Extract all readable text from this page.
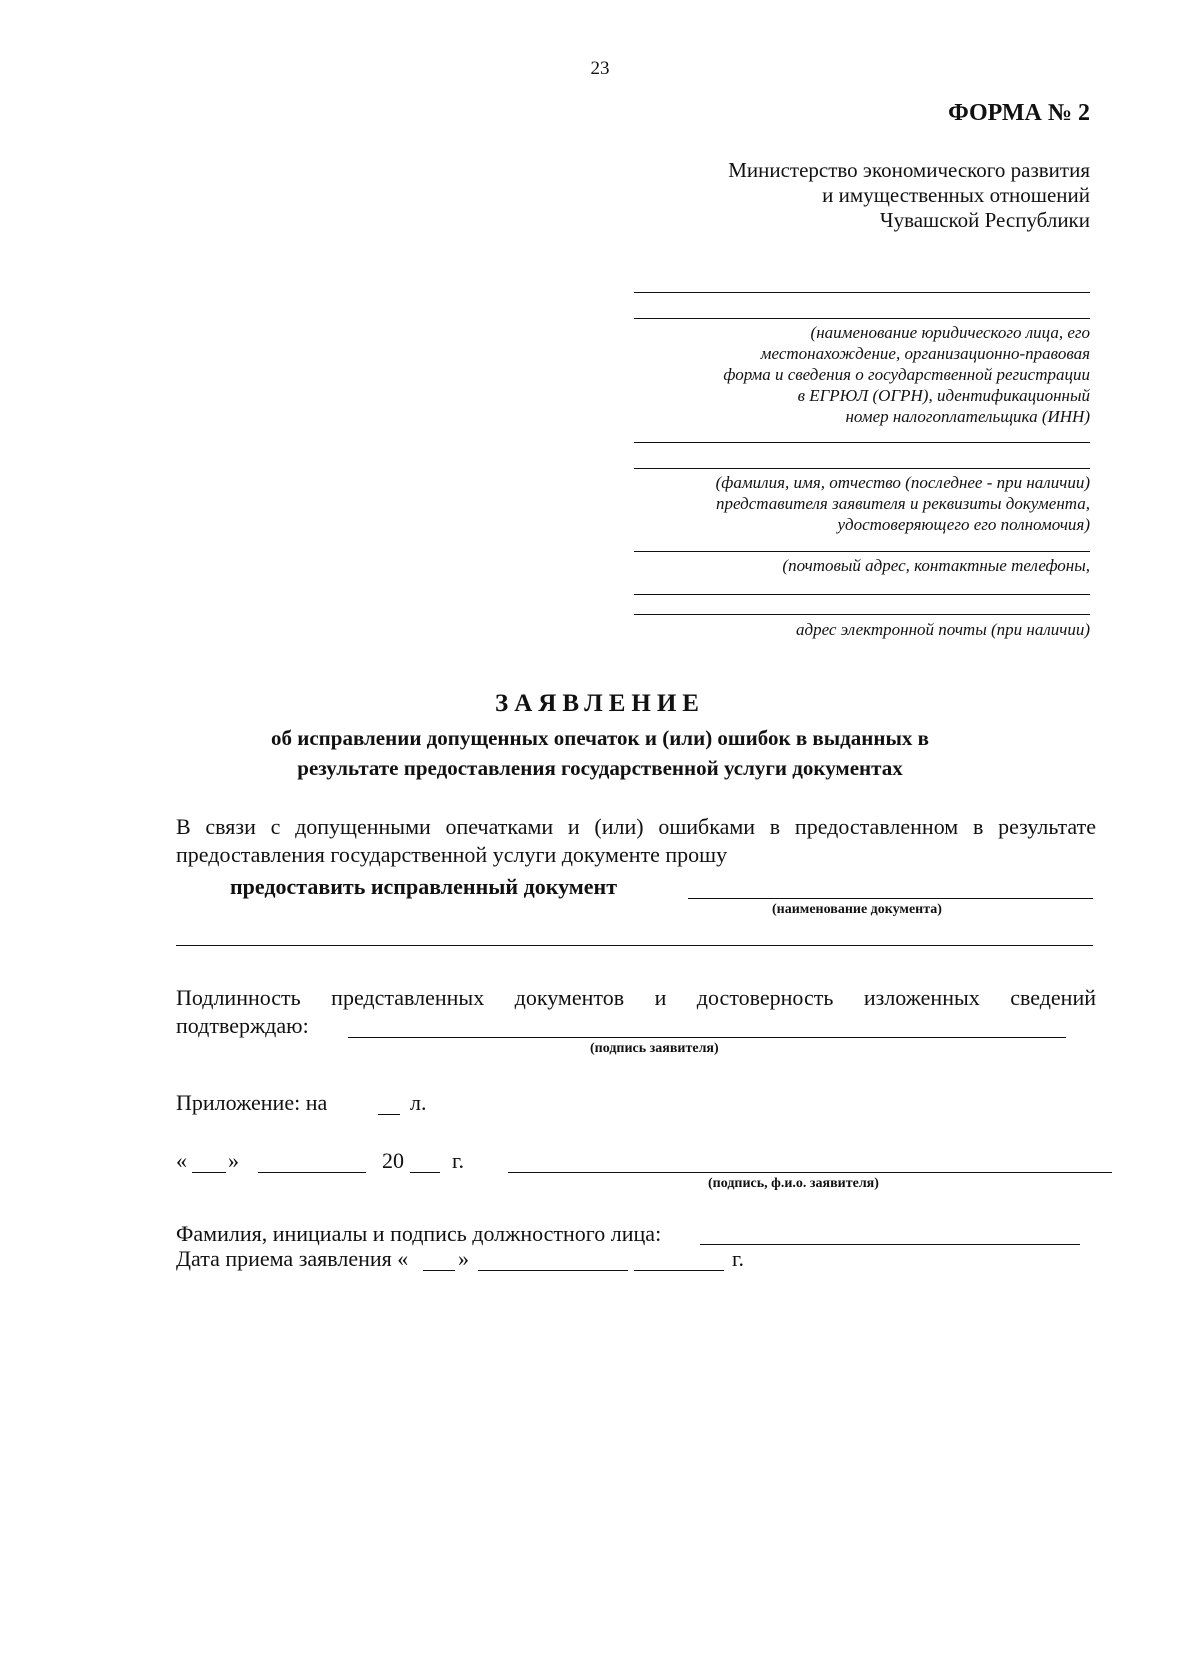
23
ФОРМА № 2
Министерство экономического развития
и имущественных отношений
Чувашской Республики
(наименование юридического лица, его
местонахождение, организационно-правовая
форма и сведения о государственной регистрации
в ЕГРЮЛ (ОГРН), идентификационный
номер налогоплательщика (ИНН)
(фамилия, имя, отчество (последнее - при наличии)
представителя заявителя и реквизиты документа,
удостоверяющего его полномочия)
(почтовый адрес, контактные телефоны,
адрес электронной почты (при наличии)
ЗАЯВЛЕНИЕ
об исправлении допущенных опечаток и (или) ошибок в выданных в
результате предоставления государственной услуги документах
В связи с допущенными опечатками и (или) ошибками в предоставленном в результате предоставления государственной услуги документе прошу
предоставить исправленный документ
(наименование документа)
Подлинность представленных документов и достоверность изложенных сведений
подтверждаю:
(подпись заявителя)
Приложение: на	л.
« »	20 г.
(подпись, ф.и.о. заявителя)
Фамилия, инициалы и подпись должностного лица:
Дата приема заявления « »	г.
